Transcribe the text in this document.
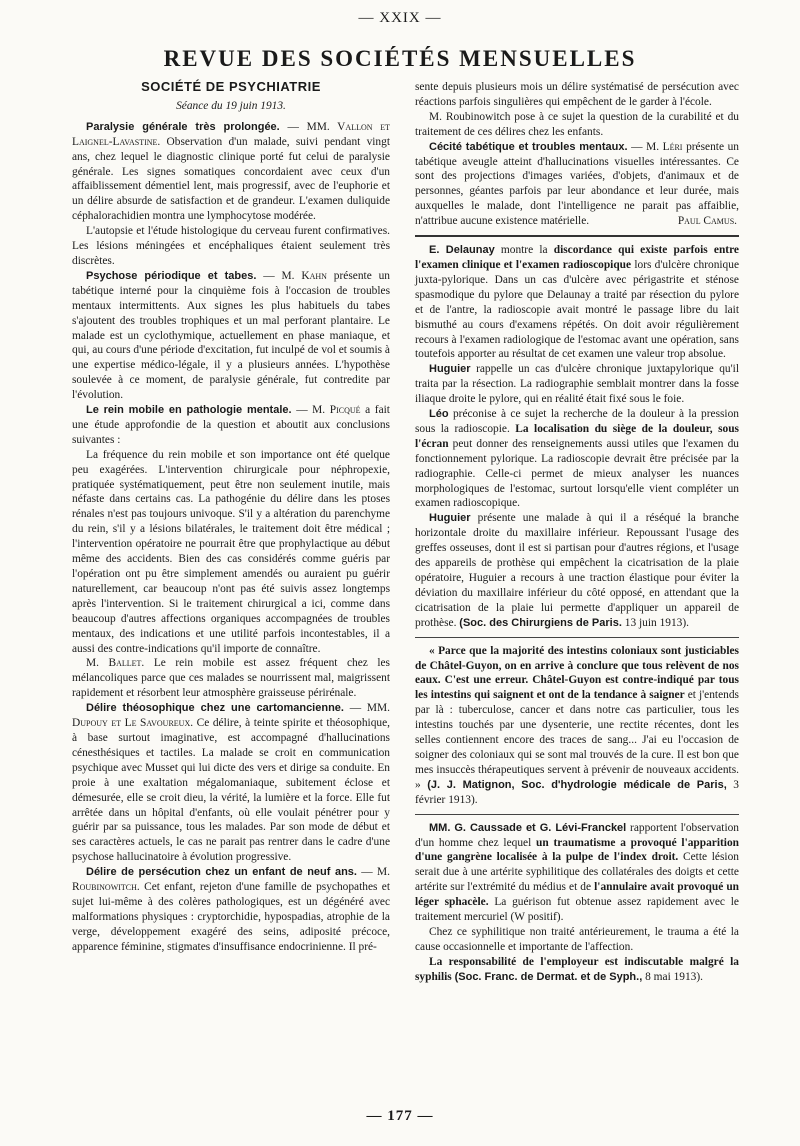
— XXIX —
REVUE DES SOCIÉTÉS MENSUELLES
SOCIÉTÉ DE PSYCHIATRIE
Séance du 19 juin 1913.

Paralysie générale très prolongée. — MM. Vallon et Laignel-Lavastine. Observation d'un malade, suivi pendant vingt ans, chez lequel le diagnostic clinique porté fut celui de paralysie générale. Les signes somatiques concordaient avec ceux d'un affaiblissement démentiel lent, mais progressif, avec de l'euphorie et un délire absurde de satisfaction et de grandeur. L'examen duliquide céphalorachidien montra une lymphocytose modérée.

L'autopsie et l'étude histologique du cerveau furent confirmatives. Les lésions méningées et encéphaliques étaient seulement très discrètes.

Psychose périodique et tabes. — M. Kahn présente un tabétique interné pour la cinquième fois à l'occasion de troubles mentaux intermittents. Aux signes les plus habituels du tabes s'ajoutent des troubles trophiques et un mal perforant plantaire. Le malade est un cyclothymique, actuellement en phase maniaque, et qui, au cours d'une période d'excitation, fut inculpé de vol et soumis à une expertise médico-légale, il y a plusieurs années. L'hypothèse soulevée à ce moment, de paralysie générale, fut contredite par l'évolution.

Le rein mobile en pathologie mentale. — M. Picqué a fait une étude approfondie de la question et aboutit aux conclusions suivantes :

La fréquence du rein mobile et son importance ont été quelque peu exagérées. L'intervention chirurgicale pour néphropexie, pratiquée systématiquement, peut être non seulement inutile, mais néfaste dans certains cas. La pathogénie du délire dans les ptoses rénales n'est pas toujours univoque. S'il y a altération du parenchyme du rein, s'il y a lésions bilatérales, le traitement doit être médical ; l'intervention opératoire ne pourrait être que prophylactique au début même des accidents. Bien des cas considérés comme guéris par l'opération ont pu être simplement amendés ou auraient pu guérir naturellement, car beaucoup n'ont pas été suivis assez longtemps après l'intervention. Si le traitement chirurgical a ici, comme dans beaucoup d'autres affections organiques accompagnées de troubles mentaux, des indications et une utilité parfois incontestables, il a aussi des contre-indications qu'il importe de connaître.

M. Ballet. Le rein mobile est assez fréquent chez les mélancoliques parce que ces malades se nourrissent mal, maigrissent rapidement et résorbent leur atmosphère graisseuse périrénale.

Délire théosophique chez une cartomancienne. — MM. Dupouy et Le Savoureux. Ce délire, à teinte spirite et théosophique, à base surtout imaginative, est accompagné d'hallucinations cénesthésiques et tactiles. La malade se croit en communication psychique avec Musset qui lui dicte des vers et dirige sa conduite. En proie à une exaltation mégalomaniaque, subitement éclose et démesurée, elle se croit dieu, la vérité, la lumière et la force. Elle fut arrêtée dans un hôpital d'enfants, où elle voulait pénétrer pour y guérir par sa puissance, tous les malades. Par son mode de début et ses caractères actuels, le cas ne parait pas rentrer dans le cadre d'une psychose hallucinatoire à évolution progressive.

Délire de persécution chez un enfant de neuf ans. — M. Roubinowitch. Cet enfant, rejeton d'une famille de psychopathes et sujet lui-même à des colères pathologiques, est un dégénéré avec malformations physiques : cryptorchidie, hypospadias, atrophie de la verge, développement exagéré des seins, adiposité précoce, apparence féminine, stigmates d'insuffisance endocrinienne. Il pré-

sente depuis plusieurs mois un délire systématisé de persécution avec réactions parfois singulières qui empêchent de le garder à l'école.

M. Roubinowitch pose à ce sujet la question de la curabilité et du traitement de ces délires chez les enfants.

Cécité tabétique et troubles mentaux. — M. Léri présente un tabétique aveugle atteint d'hallucinations visuelles intéressantes. Ce sont des projections d'images variées, d'objets, d'animaux et de personnes, géantes parfois par leur abondance et leur durée, mais auxquelles le malade, dont l'intelligence ne parait pas affaiblie, n'attribue aucune existence matérielle.	Paul Camus.

E. Delaunay montre la discordance qui existe parfois entre l'examen clinique et l'examen radioscopique lors d'ulcère chronique juxta-pylorique. Dans un cas d'ulcère avec périgastrite et sténose spasmodique du pylore que Delaunay a traité par résection du pylore et de l'antre, la radioscopie avait montré le passage libre du lait bismuthé au cours d'examens répétés. On doit avoir régulièrement recours à l'examen radiologique de l'estomac avant une opération, sans toutefois apporter au résultat de cet examen une valeur trop absolue.

Huguier rappelle un cas d'ulcère chronique juxtapylorique qu'il traita par la résection. La radiographie semblait montrer dans la fosse iliaque droite le pylore, qui en réalité était fixé sous le foie.

Léo préconise à ce sujet la recherche de la douleur à la pression sous la radioscopie. La localisation du siège de la douleur, sous l'écran peut donner des renseignements aussi utiles que l'examen du fonctionnement pylorique. La radioscopie devrait être précisée par la radiographie. Celle-ci permet de mieux analyser les nuances morphologiques de l'estomac, surtout lorsqu'elle vient compléter un examen radioscopique.

Huguier présente une malade à qui il a réséqué la branche horizontale droite du maxillaire inférieur. Repoussant l'usage des greffes osseuses, dont il est si partisan pour d'autres régions, et l'usage des appareils de prothèse qui empêchent la cicatrisation de la plaie opératoire, Huguier a recours à une traction élastique pour éviter la déviation du maxillaire inférieur du côté opposé, en attendant que la cicatrisation de la plaie lui permette d'appliquer un appareil de prothèse. (Soc. des Chirurgiens de Paris. 13 juin 1913).

« Parce que la majorité des intestins coloniaux sont justiciables de Châtel-Guyon, on en arrive à conclure que tous relèvent de nos eaux. C'est une erreur. Châtel-Guyon est contre-indiqué par tous les intestins qui saignent et ont de la tendance à saigner et j'entends par là : tuberculose, cancer et dans notre cas particulier, tous les intestins touchés par une dysenterie, une rectite récentes, dont les selles contiennent encore des traces de sang... J'ai eu l'occasion de soigner des coloniaux qui se sont mal trouvés de la cure. Il est bon que mes insuccès thérapeutiques servent à prévenir de nouveaux accidents. » (J. J. Matignon, Soc. d'hydrologie médicale de Paris, 3 février 1913).

MM. G. Caussade et G. Lévi-Franckel rapportent l'observation d'un homme chez lequel un traumatisme a provoqué l'apparition d'une gangrène localisée à la pulpe de l'index droit. Cette lésion serait due à une artérite syphilitique des collatérales des doigts et cette artérite sur l'extrémité du médius et de l'annulaire avait provoqué un léger sphacèle. La guérison fut obtenue assez rapidement avec le traitement mercuriel (W positif).

Chez ce syphilitique non traité antérieurement, le trauma a été la cause occasionnelle et importante de l'affection.

La responsabilité de l'employeur est indiscutable malgré la syphilis (Soc. Franc. de Dermat. et de Syph., 8 mai 1913).

— 177 —
